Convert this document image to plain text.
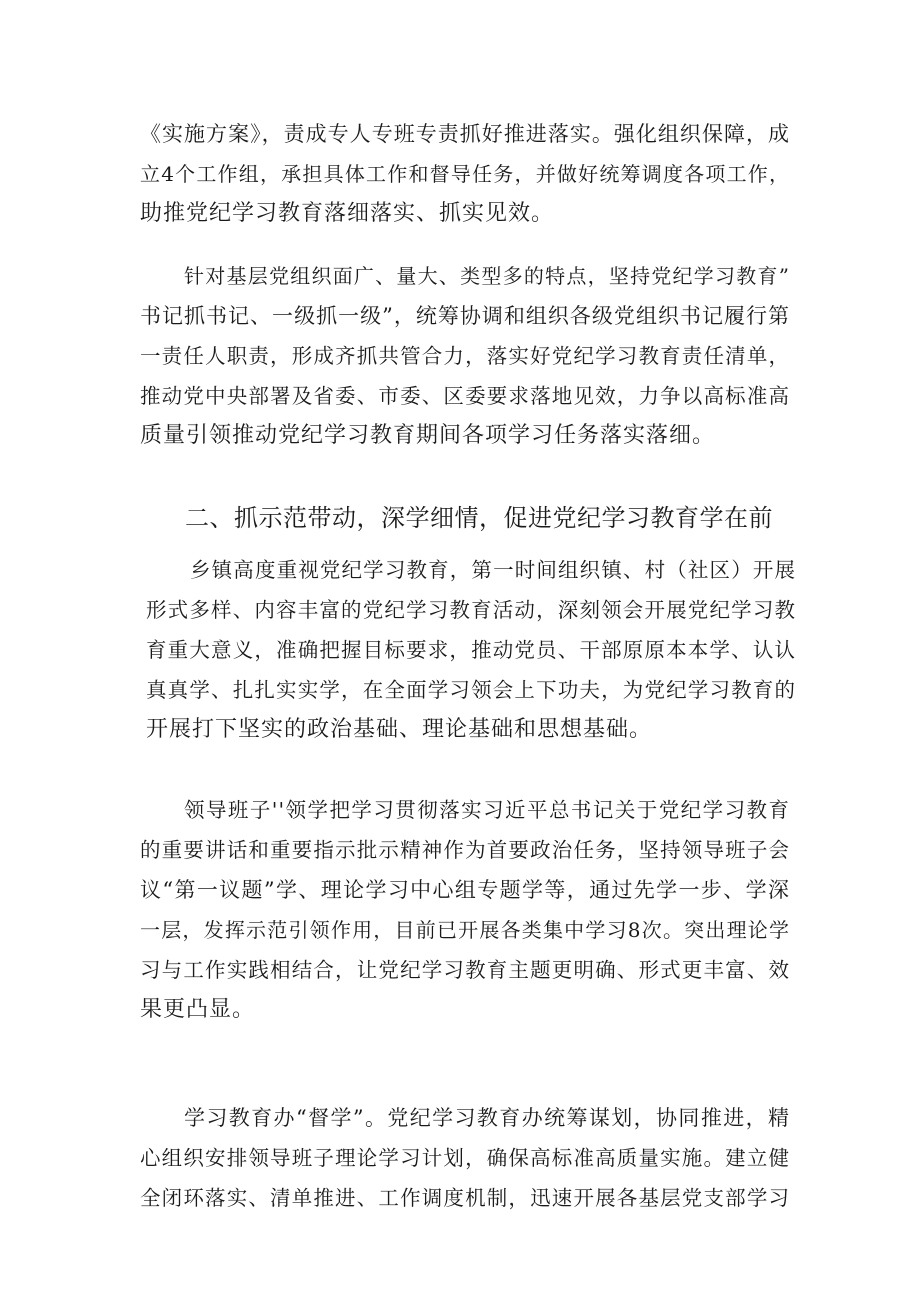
《实施方案》，责成专人专班专责抓好推进落实。强化组织保障，成
立4个工作组，承担具体工作和督导任务，并做好统筹调度各项工作，
助推党纪学习教育落细落实、抓实见效。
针对基层党组织面广、量大、类型多的特点，坚持党纪学习教育”
书记抓书记、一级抓一级”，统筹协调和组织各级党组织书记履行第
一责任人职责，形成齐抓共管合力，落实好党纪学习教育责任清单，
推动党中央部署及省委、市委、区委要求落地见效，力争以高标准高
质量引领推动党纪学习教育期间各项学习任务落实落细。
二、抓示范带动，深学细情，促进党纪学习教育学在前
乡镇高度重视党纪学习教育，第一时间组织镇、村（社区）开展
形式多样、内容丰富的党纪学习教育活动，深刻领会开展党纪学习教
育重大意义，准确把握目标要求，推动党员、干部原原本本学、认认
真真学、扎扎实实学，在全面学习领会上下功夫，为党纪学习教育的
开展打下坚实的政治基础、理论基础和思想基础。
领导班子''领学把学习贯彻落实习近平总书记关于党纪学习教育
的重要讲话和重要指示批示精神作为首要政治任务，坚持领导班子会
议“第一议题”学、理论学习中心组专题学等，通过先学一步、学深
一层，发挥示范引领作用，目前已开展各类集中学习8次。突出理论学
习与工作实践相结合，让党纪学习教育主题更明确、形式更丰富、效
果更凸显。
学习教育办“督学”。党纪学习教育办统筹谋划，协同推进，精
心组织安排领导班子理论学习计划，确保高标准高质量实施。建立健
全闭环落实、清单推进、工作调度机制，迅速开展各基层党支部学习
